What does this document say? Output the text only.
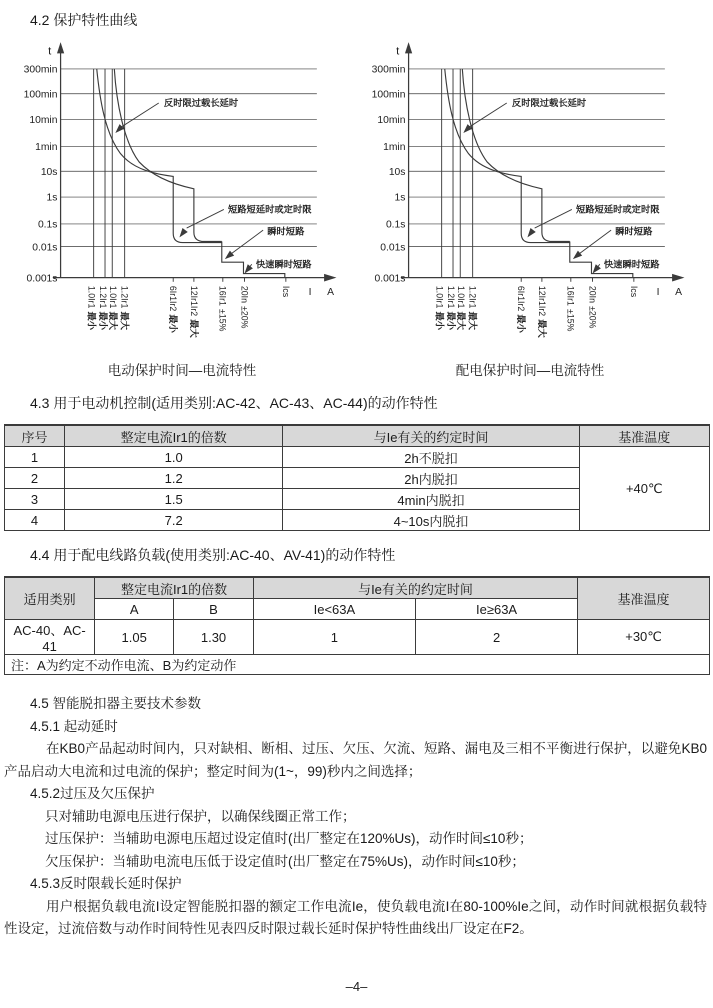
4.2 保护特性曲线
t
I A
300min
100min
10min
1min
10s
1s
0.1s
0.01s
0.001s
1.0Ir1最小
1.2Ir1最小
1.0Ir1最大
1.2Ir1最大
6Ir1Ir2最小
12Ir1Ir2最大
16Ir1±15%
20In±20%
Ics
反时限过载长延时
短路短延时或定时限
瞬时短路
快速瞬时短路
电动保护时间—电流特性
t
I A
300min
100min
10min
1min
10s
1s
0.1s
0.01s
0.001s
1.0Ir1最小
1.2Ir1最小
1.0Ir1最大
1.2Ir1最大
6Ir1Ir2最小
12Ir1Ir2最大
16Ir1±15%
20In±20%
Ics
反时限过载长延时
短路短延时或定时限
瞬时短路
快速瞬时短路
配电保护时间—电流特性
4.3 用于电动机控制(适用类别:AC-42、AC-43、AC-44)的动作特性
序号	整定电流Ir1的倍数	与Ie有关的约定时间	基准温度
1	1.0	2h不脱扣	+40℃
2	1.2	2h内脱扣	
3	1.5	4min内脱扣	
4	7.2	4~10s内脱扣	
4.4 用于配电线路负载(使用类别:AC-40、AV-41)的动作特性
适用类别	整定电流Ir1的倍数		与Ie有关的约定时间		基准温度
	A	B	Ie<63A	Ie≥63A	
AC-40、AC-41	1.05	1.30	1	2	+30℃
注：A为约定不动作电流、B为约定动作					

4.5 智能脱扣器主要技术参数

4.5.1 起动延时

在KB0产品起动时间内，只对缺相、断相、过压、欠压、欠流、短路、漏电及三相不平衡进行保护，以避免KB0产品启动大电流和过电流的保护；整定时间为(1~，99)秒内之间选择；

4.5.2过压及欠压保护

只对辅助电源电压进行保护，以确保线圈正常工作；

过压保护：当辅助电源电压超过设定值时(出厂整定在120%Us)，动作时间≤10秒；

欠压保护：当辅助电流电压低于设定值时(出厂整定在75%Us)，动作时间≤10秒；

4.5.3反时限载长延时保护

用户根据负载电流I设定智能脱扣器的额定工作电流Ie，使负载电流I在80-100%Ie之间，动作时间就根据负载特性设定，过流倍数与动作时间特性见表四反时限过载长延时保护特性曲线出厂设定在F2。

–4–
